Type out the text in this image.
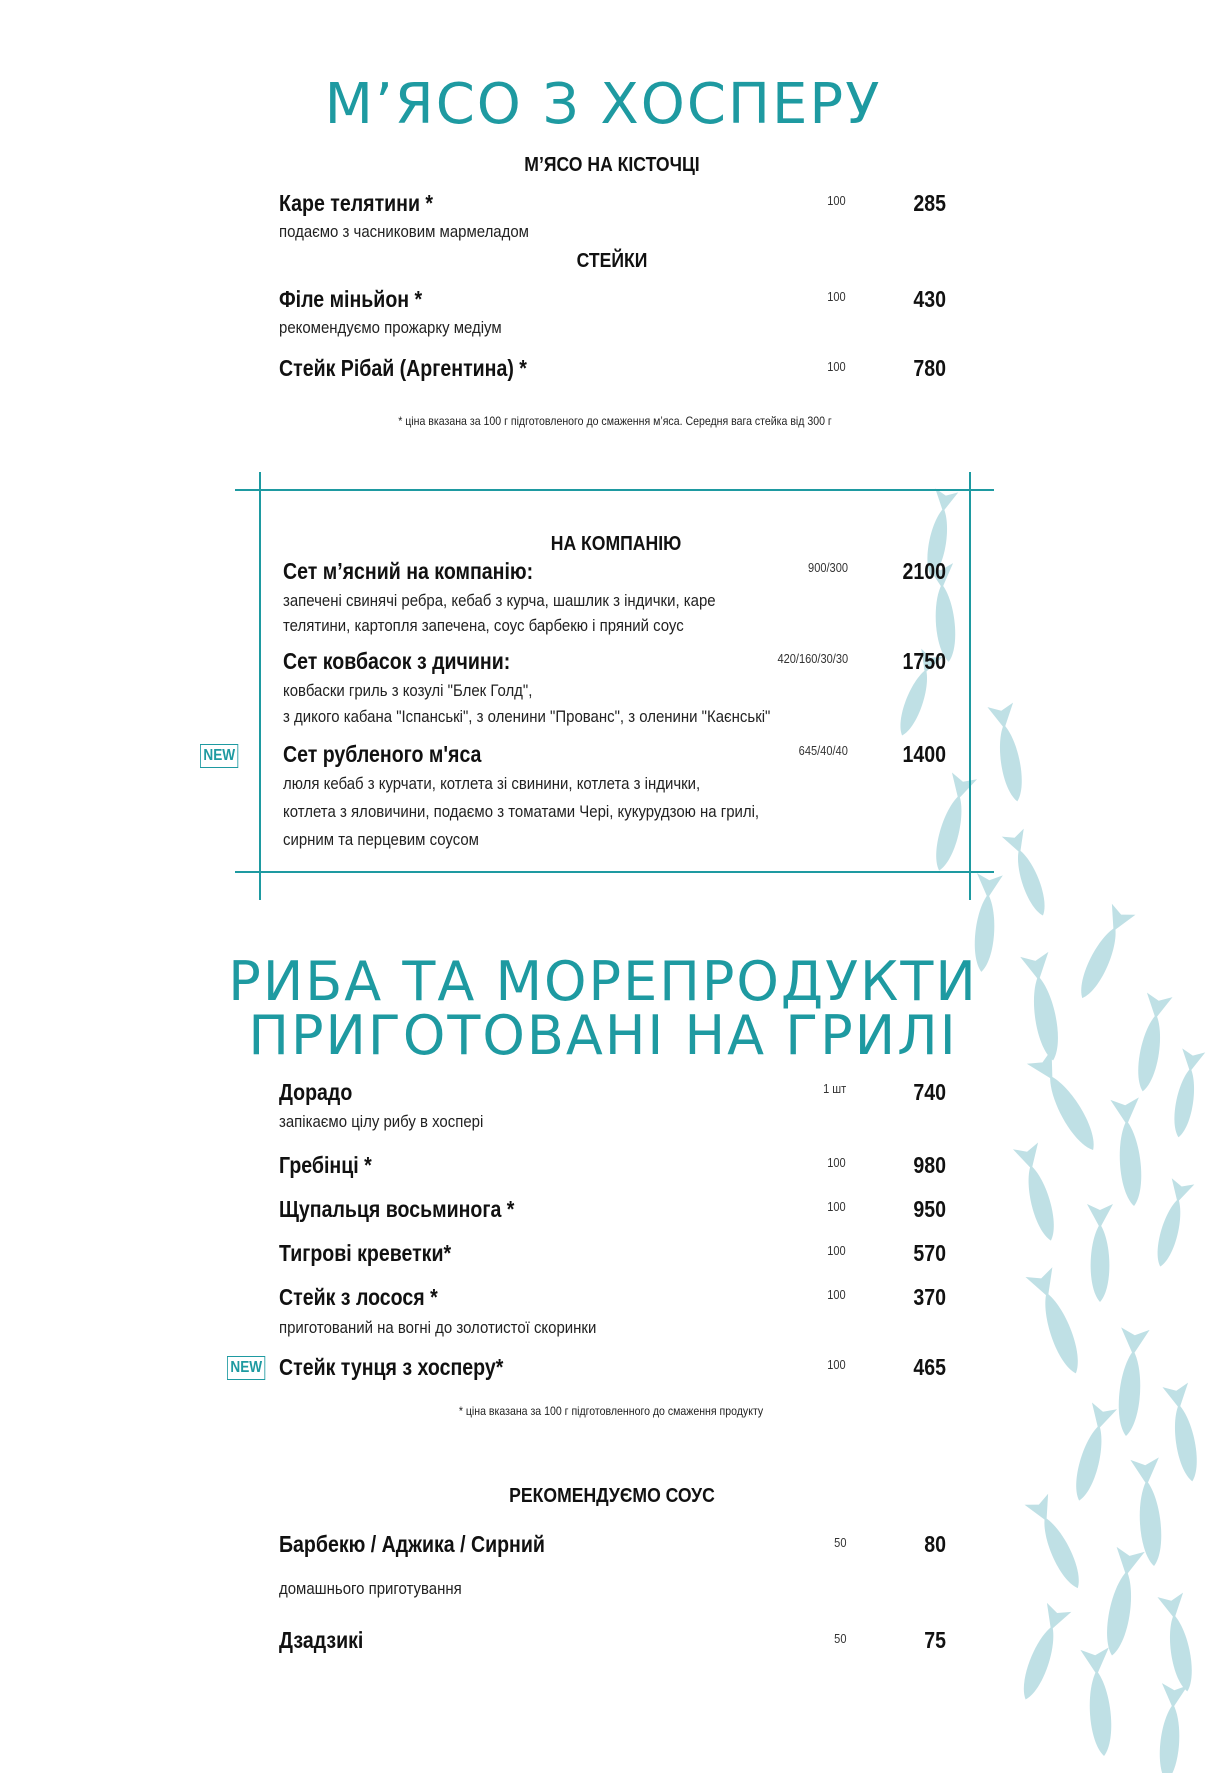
М’ЯСО З ХОСПЕРУ
М’ЯСО НА КІСТОЧЦІ
Каре телятини *	100	285
подаємо з часниковим мармеладом
СТЕЙКИ
Філе міньйон *	100	430
рекомендуємо прожарку медіум
Стейк Рібай (Аргентина) *	100	780
* ціна вказана за 100 г підготовленого до смаження м’яса. Середня вага стейка від 300 г
НА КОМПАНІЮ
Сет м’ясний на компанію:	900/300	2100
запечені свинячі ребра, кебаб з курча, шашлик з індички, каре
телятини, картопля запечена, соус барбекю і пряний соус
Сет ковбасок з дичини:	420/160/30/30	1750
ковбаски гриль з козулі "Блек Голд",
з дикого кабана "Іспанські", з оленини "Прованс", з оленини "Каєнські"
NEW Сет рубленого м'яса	645/40/40	1400
люля кебаб з курчати, котлета зі свинини, котлета з індички,
котлета з яловичини, подаємо з томатами Чері, кукурудзою на грилі,
сирним та перцевим соусом
РИБА ТА МОРЕПРОДУКТИ
ПРИГОТОВАНІ НА ГРИЛІ
Дорадо	1 шт	740
запікаємо цілу рибу в хоспері
Гребінці *	100	980
Щупальця восьминога *	100	950
Тигрові креветки*	100	570
Стейк з лосося *	100	370
приготований на вогні до золотистої скоринки
NEW Стейк тунця з хосперу*	100	465
* ціна вказана за 100 г підготовленного до смаження продукту
РЕКОМЕНДУЄМО СОУС
Барбекю / Аджика / Сирний	50	80
домашнього приготування
Дзадзикі	50	75
